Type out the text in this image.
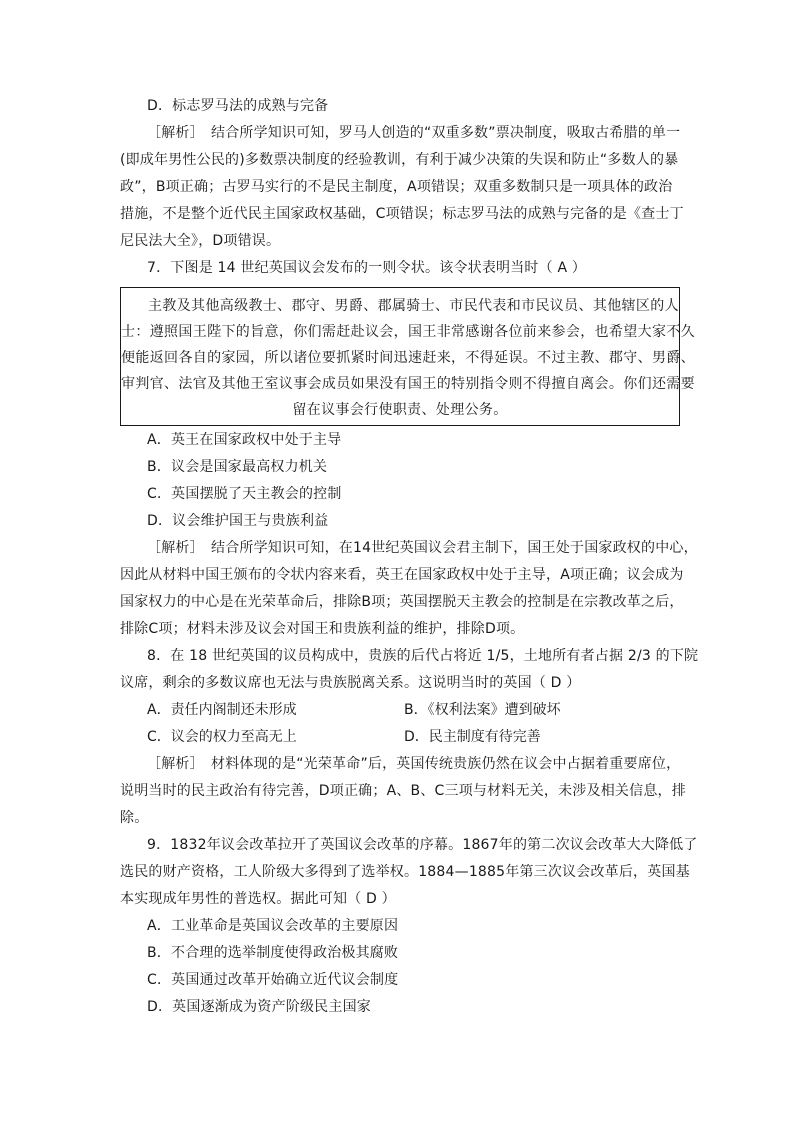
D．标志罗马法的成熟与完备
［解析］　结合所学知识可知，罗马人创造的“双重多数”票决制度，吸取古希腊的单一
(即成年男性公民的)多数票决制度的经验教训，有利于减少决策的失误和防止“多数人的暴
政”，B项正确；古罗马实行的不是民主制度，A项错误；双重多数制只是一项具体的政治
措施，不是整个近代民主国家政权基础，C项错误；标志罗马法的成熟与完备的是《查士丁
尼民法大全》，D项错误。
7．下图是 14 世纪英国议会发布的一则令状。该令状表明当时（ A ）
主教及其他高级教士、郡守、男爵、郡属骑士、市民代表和市民议员、其他辖区的人
士：遵照国王陛下的旨意，你们需赶赴议会，国王非常感谢各位前来参会，也希望大家不久
便能返回各自的家园，所以诸位要抓紧时间迅速赶来，不得延误。不过主教、郡守、男爵、
审判官、法官及其他王室议事会成员如果没有国王的特别指令则不得擅自离会。你们还需要
留在议事会行使职责、处理公务。
A．英王在国家政权中处于主导
B．议会是国家最高权力机关
C．英国摆脱了天主教会的控制
D．议会维护国王与贵族利益
［解析］　结合所学知识可知，在14世纪英国议会君主制下，国王处于国家政权的中心，
因此从材料中国王颁布的令状内容来看，英王在国家政权中处于主导，A项正确；议会成为
国家权力的中心是在光荣革命后，排除B项；英国摆脱天主教会的控制是在宗教改革之后，
排除C项；材料未涉及议会对国王和贵族利益的维护，排除D项。
8．在 18 世纪英国的议员构成中，贵族的后代占将近 1/5，土地所有者占据 2/3 的下院
议席，剩余的多数议席也无法与贵族脱离关系。这说明当时的英国（ D ）
A．责任内阁制还未形成	B．《权利法案》遭到破坏
C．议会的权力至高无上	D．民主制度有待完善
［解析］　材料体现的是“光荣革命”后，英国传统贵族仍然在议会中占据着重要席位，
说明当时的民主政治有待完善，D项正确；A、B、C三项与材料无关，未涉及相关信息，排
除。
9．1832年议会改革拉开了英国议会改革的序幕。1867年的第二次议会改革大大降低了
选民的财产资格，工人阶级大多得到了选举权。1884—1885年第三次议会改革后，英国基
本实现成年男性的普选权。据此可知（ D ）
A．工业革命是英国议会改革的主要原因
B．不合理的选举制度使得政治极其腐败
C．英国通过改革开始确立近代议会制度
D．英国逐渐成为资产阶级民主国家
